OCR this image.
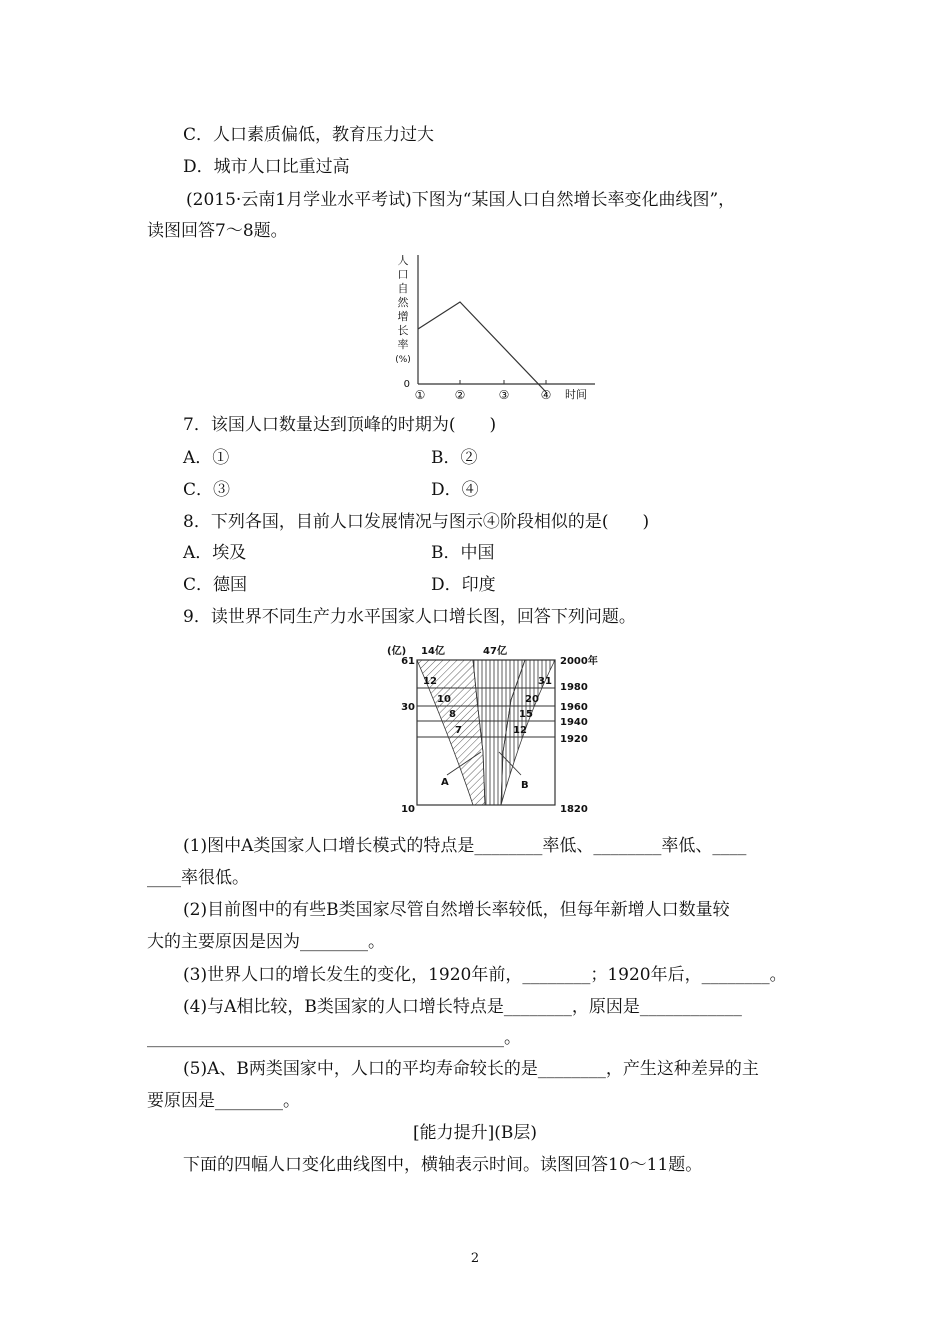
C．人口素质偏低，教育压力过大
D．城市人口比重过高
(2015·云南1月学业水平考试)下图为“某国人口自然增长率变化曲线图”，
读图回答7～8题。
人
口
自
然
增
长
率
(%)
0
① ②	③	④ 时间
7．该国人口数量达到顶峰的时期为(　　)
A．①	B．②
C．③	D．④
8．下列各国，目前人口发展情况与图示④阶段相似的是(　　)
A．埃及	B．中国
C．德国	D．印度
9．读世界不同生产力水平国家人口增长图，回答下列问题。
(亿)
61
14亿	47亿
2000年
1980
30	1960
1940
1920
10	1820
12
10
8
7
31
20
15
12
A	B
(1)图中A类国家人口增长模式的特点是________率低、________率低、____
____率很低。
(2)目前图中的有些B类国家尽管自然增长率较低，但每年新增人口数量较
大的主要原因是因为________。
(3)世界人口的增长发生的变化，1920年前，________；1920年后，________。
(4)与A相比较，B类国家的人口增长特点是________，原因是____________
__________________________________________。
(5)A、B两类国家中，人口的平均寿命较长的是________，产生这种差异的主
要原因是________。
[能力提升](B层)
下面的四幅人口变化曲线图中，横轴表示时间。读图回答10～11题。
2
